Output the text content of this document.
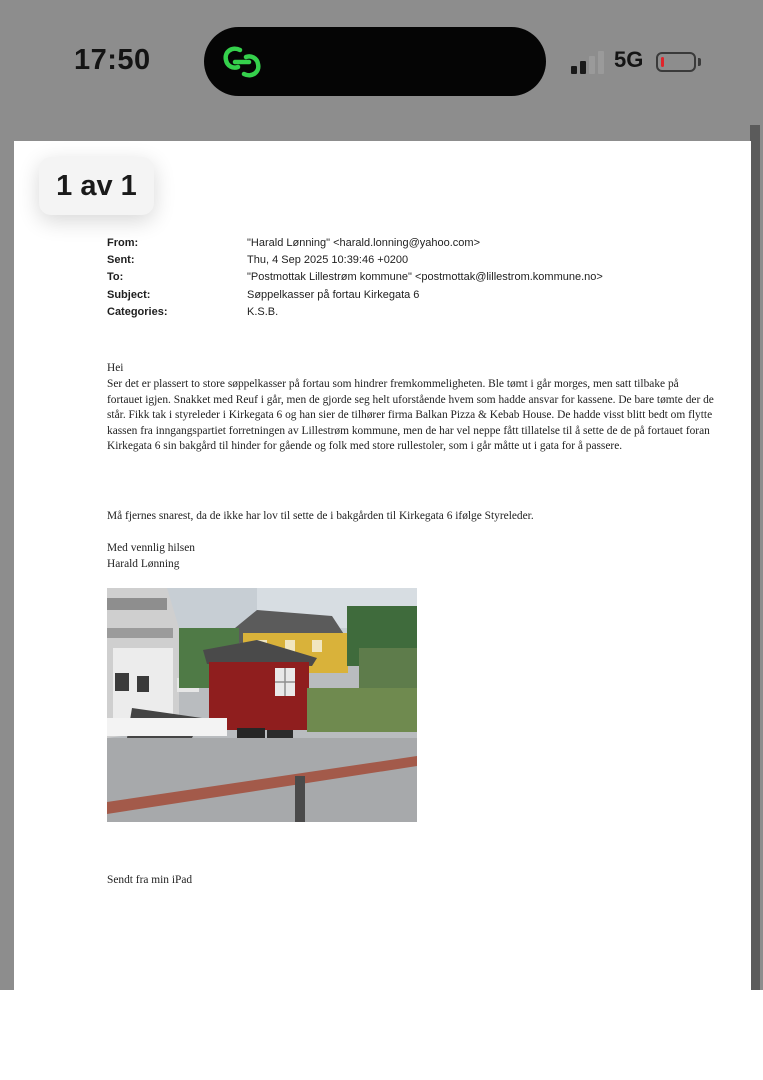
17:50	5G
From:	"Harald Lønning" <harald.lonning@yahoo.com>
Sent:	Thu, 4 Sep 2025 10:39:46 +0200
To:	"Postmottak Lillestrøm kommune" <postmottak@lillestrom.kommune.no>
Subject:	Søppelkasser på fortau Kirkegata 6
Categories:	K.S.B.
Hei
Ser det er plassert to store søppelkasser på fortau som hindrer fremkommeligheten. Ble tømt i går morges, men satt tilbake på fortauet igjen. Snakket med Reuf i går, men de gjorde seg helt uforstående hvem som hadde ansvar for kassene. De bare tømte der de står. Fikk tak i styreleder i Kirkegata 6 og han sier de tilhører firma Balkan Pizza & Kebab House. De hadde visst blitt bedt om flytte kassen fra inngangspartiet forretningen av Lillestrøm kommune, men de har vel neppe fått tillatelse til å sette de de på fortauet foran Kirkegata 6 sin bakgård til hinder for gående og folk med store rullestoler, som i går måtte ut i gata for å passere.
Må fjernes snarest, da de ikke har lov til sette de i bakgården til Kirkegata 6 ifølge Styreleder.
Med vennlig hilsen
Harald Lønning
Sendt fra min iPad
1 av 1
